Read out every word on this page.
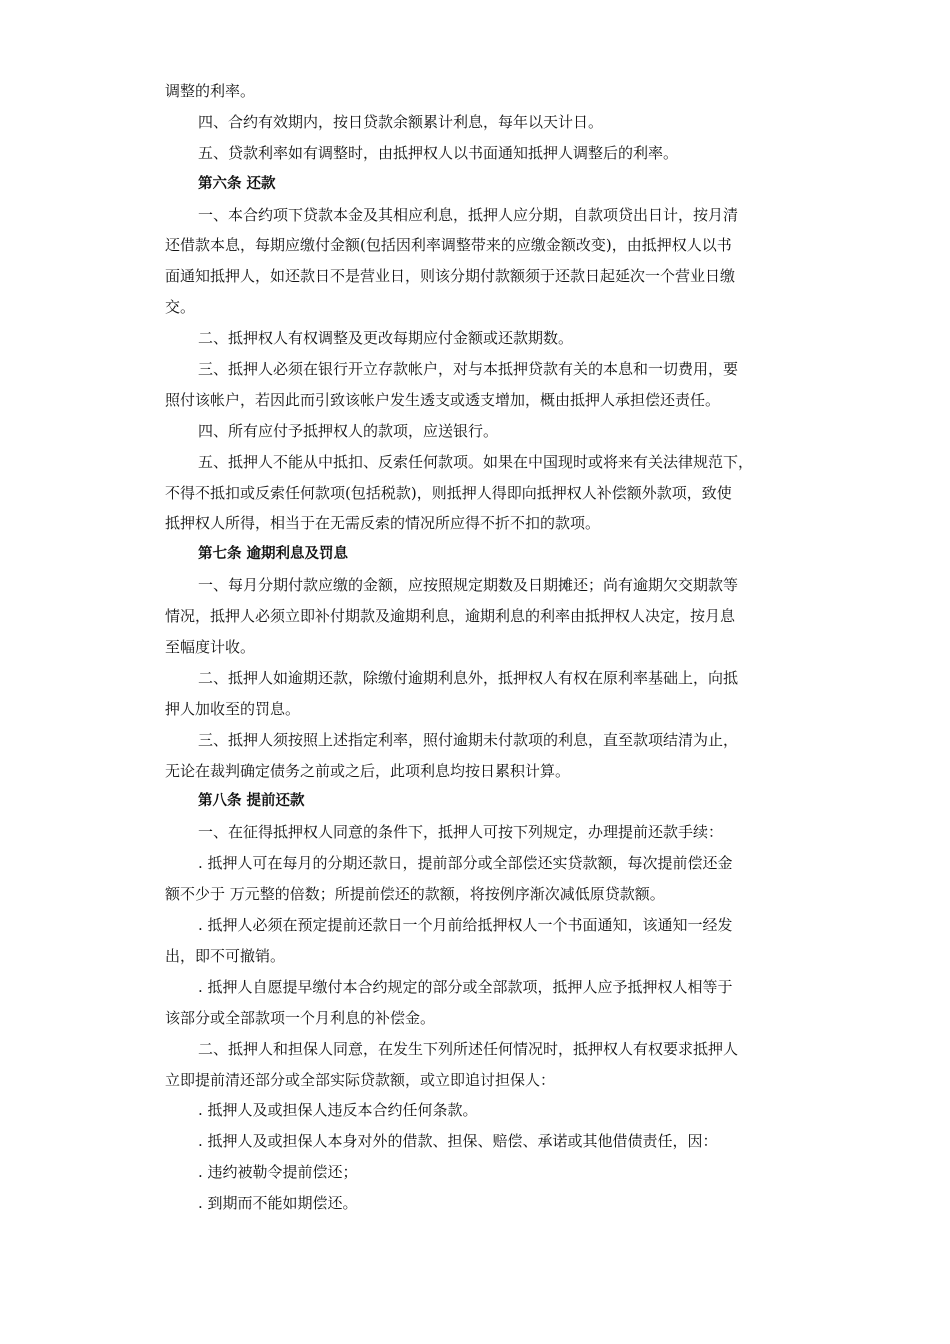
调整的利率。
四、合约有效期内，按日贷款余额累计利息，每年以天计日。
五、贷款利率如有调整时，由抵押权人以书面通知抵押人调整后的利率。
第六条 还款
一、本合约项下贷款本金及其相应利息，抵押人应分期，自款项贷出日计，按月清
还借款本息，每期应缴付金额(包括因利率调整带来的应缴金额改变)，由抵押权人以书
面通知抵押人，如还款日不是营业日，则该分期付款额须于还款日起延次一个营业日缴
交。
二、抵押权人有权调整及更改每期应付金额或还款期数。
三、抵押人必须在银行开立存款帐户，对与本抵押贷款有关的本息和一切费用，要
照付该帐户，若因此而引致该帐户发生透支或透支增加，概由抵押人承担偿还责任。
四、所有应付予抵押权人的款项，应送银行。
五、抵押人不能从中抵扣、反索任何款项。如果在中国现时或将来有关法律规范下，
不得不抵扣或反索任何款项(包括税款)，则抵押人得即向抵押权人补偿额外款项，致使
抵押权人所得，相当于在无需反索的情况所应得不折不扣的款项。
第七条 逾期利息及罚息
一、每月分期付款应缴的金额，应按照规定期数及日期摊还；尚有逾期欠交期款等
情况，抵押人必须立即补付期款及逾期利息，逾期利息的利率由抵押权人决定，按月息
至幅度计收。
二、抵押人如逾期还款，除缴付逾期利息外，抵押权人有权在原利率基础上，向抵
押人加收至的罚息。
三、抵押人须按照上述指定利率，照付逾期未付款项的利息，直至款项结清为止，
无论在裁判确定债务之前或之后，此项利息均按日累积计算。
第八条 提前还款
一、在征得抵押权人同意的条件下，抵押人可按下列规定，办理提前还款手续：
. 抵押人可在每月的分期还款日，提前部分或全部偿还实贷款额，每次提前偿还金
额不少于 万元整的倍数；所提前偿还的款额，将按例序渐次减低原贷款额。
. 抵押人必须在预定提前还款日一个月前给抵押权人一个书面通知，该通知一经发
出，即不可撤销。
. 抵押人自愿提早缴付本合约规定的部分或全部款项，抵押人应予抵押权人相等于
该部分或全部款项一个月利息的补偿金。
二、抵押人和担保人同意，在发生下列所述任何情况时，抵押权人有权要求抵押人
立即提前清还部分或全部实际贷款额，或立即追讨担保人：
. 抵押人及或担保人违反本合约任何条款。
. 抵押人及或担保人本身对外的借款、担保、赔偿、承诺或其他借债责任，因：
. 违约被勒令提前偿还；
. 到期而不能如期偿还。
